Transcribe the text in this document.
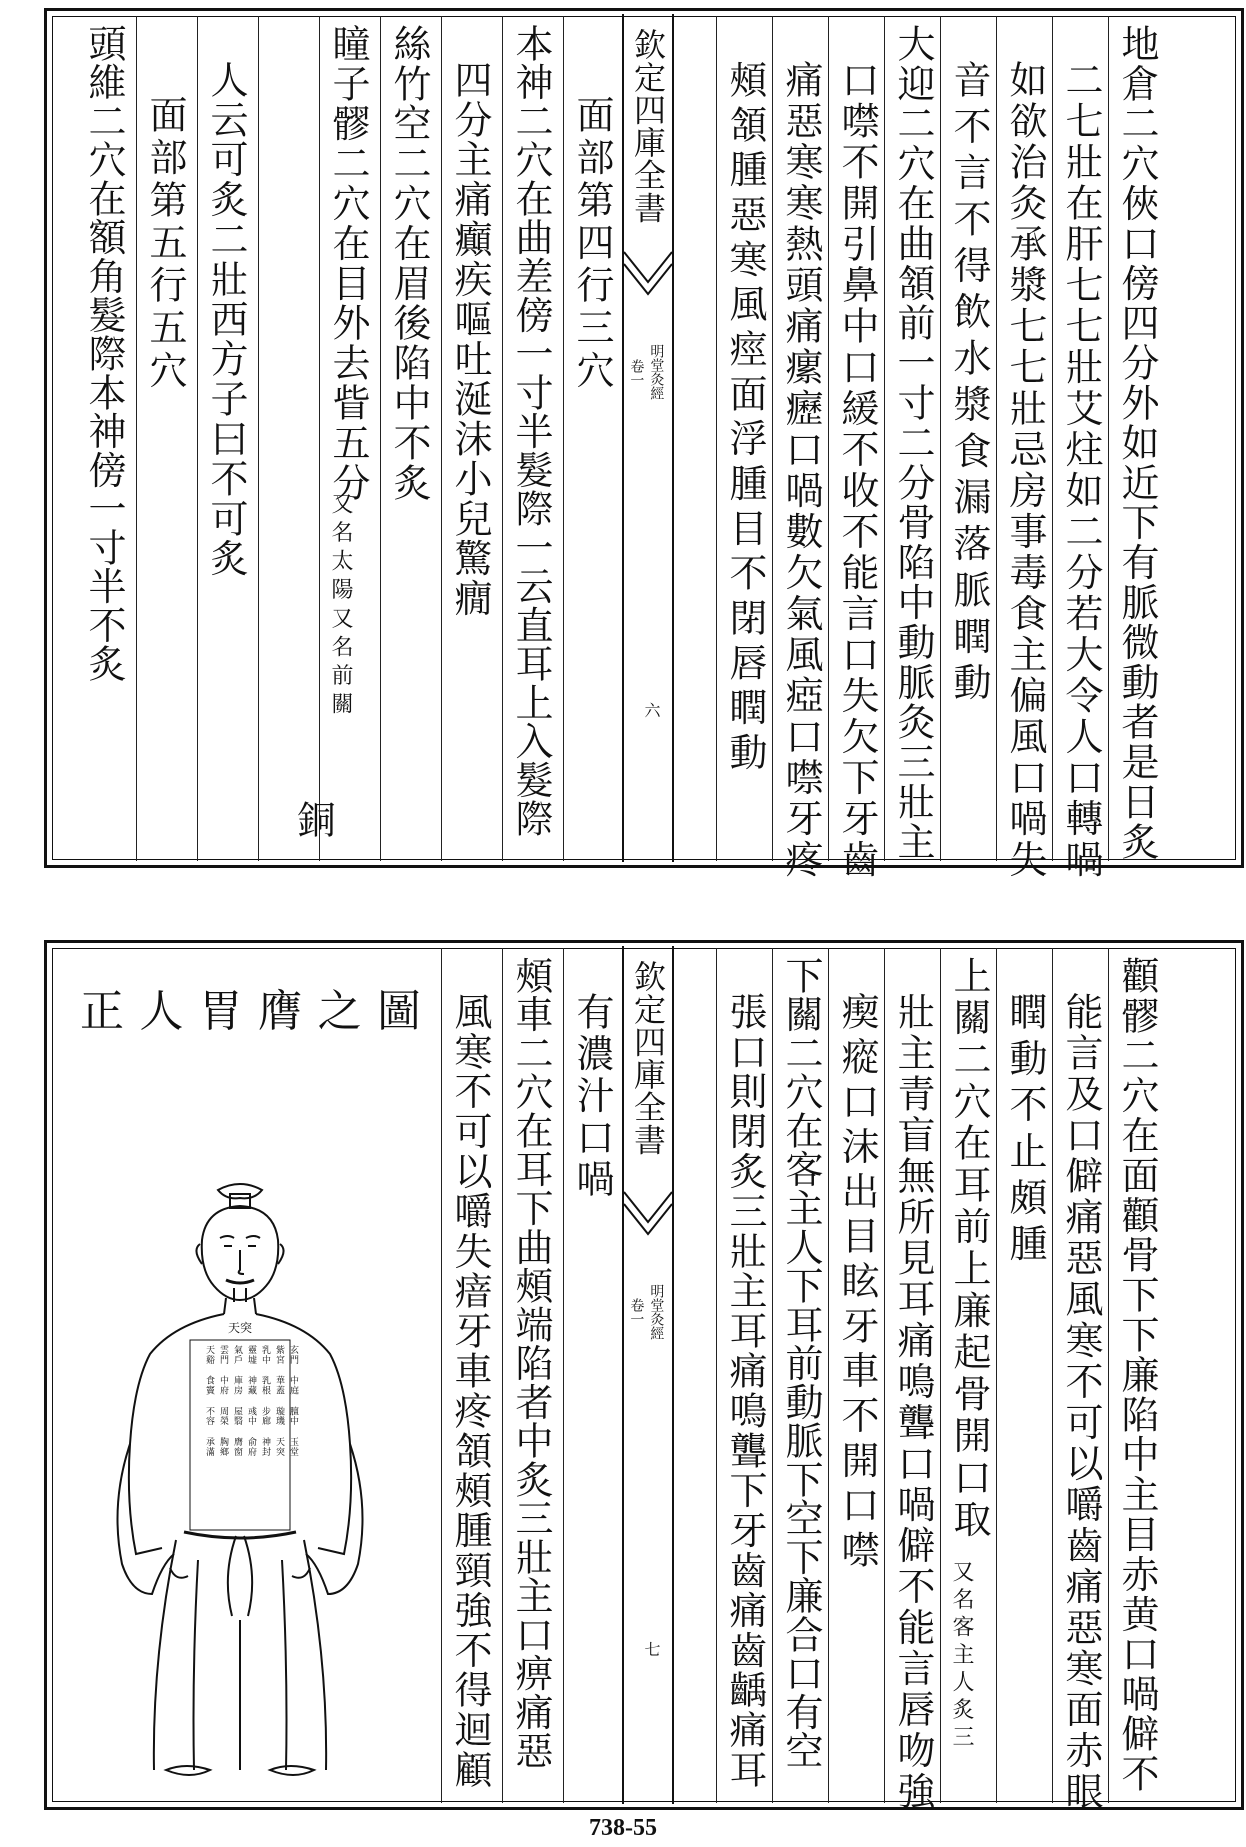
地倉二穴俠口傍四分外如近下有脈微動者是日炙
二七壯在肝七七壯艾炷如二分若大令人口轉喎
如欲治灸承漿七七壯忌房事毒食主偏風口喎失
音不言不得飲水漿食漏落脈瞤動
大迎二穴在曲頷前一寸二分骨陷中動脈灸三壯主
口噤不開引鼻中口緩不收不能言口失欠下牙齒
痛惡寒寒熱頭痛瘰癧口喎數欠氣風瘂口噤牙疼
頰頷腫惡寒風痙面浮腫目不閉唇瞤動
欽定四庫全書
明堂灸經
卷一
六
面部第四行三穴
本神二穴在曲差傍一寸半髮際一云直耳上入髮際
四分主痛癲疾嘔吐涎沫小兒驚癇
絲竹空二穴在眉後陷中不炙
瞳子髎二穴在目外去眥五分
又名太陽又名前關
銅
人云可炙二壯西方子曰不可炙
面部第五行五穴
頭維二穴在額角髮際本神傍一寸半不炙
顴髎二穴在面顴骨下下廉陷中主目赤黄口喎僻不
能言及口僻痛惡風寒不可以嚼齒痛惡寒面赤眼
瞤動不止頗腫
上關二穴在耳前上廉起骨開口取
又名客主人炙三
壯主青盲無所見耳痛鳴聾口喎僻不能言唇吻強
瘈瘲口沫出目眩牙車不開口噤
下關二穴在客主人下耳前動脈下空下廉合口有空
張口則閉炙三壯主耳痛鳴聾下牙齒痛齒齲痛耳
欽定四庫全書
明堂灸經
卷一
七
有濃汁口喎
頰車二穴在耳下曲頰端陷者中炙三壯主口痹痛惡
風寒不可以嚼失瘖牙車疼頷頰腫頸強不得迴顧
正人胃膺之圖
天突
玄門 中庭 膻中 玉堂
紫宮 華蓋 璇璣 天突
乳中 乳根 步廊 神封
靈墟 神藏 彧中 俞府
氣戶 庫房 屋翳 膺窗
雲門 中府 周榮 胸鄉
天谿 食竇 不容 承滿
738-55
